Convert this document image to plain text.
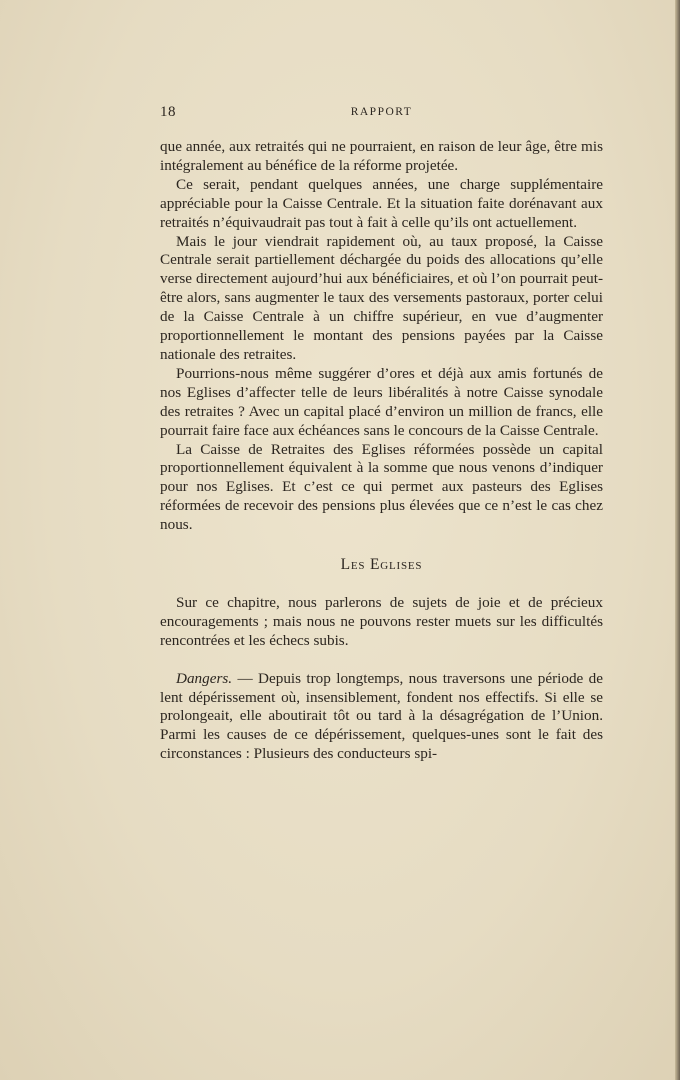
18	RAPPORT

que année, aux retraités qui ne pourraient, en raison de leur âge, être mis intégralement au bénéfice de la réforme projetée.

Ce serait, pendant quelques années, une charge supplémentaire appréciable pour la Caisse Centrale. Et la situation faite dorénavant aux retraités n’équivaudrait pas tout à fait à celle qu’ils ont actuellement.

Mais le jour viendrait rapidement où, au taux proposé, la Caisse Centrale serait partiellement déchargée du poids des allocations qu’elle verse directement aujourd’hui aux bénéficiaires, et où l’on pourrait peut-être alors, sans augmenter le taux des versements pastoraux, porter celui de la Caisse Centrale à un chiffre supérieur, en vue d’augmenter proportionnellement le montant des pensions payées par la Caisse nationale des retraites.

Pourrions-nous même suggérer d’ores et déjà aux amis fortunés de nos Eglises d’affecter telle de leurs libéralités à notre Caisse synodale des retraites ? Avec un capital placé d’environ un million de francs, elle pourrait faire face aux échéances sans le concours de la Caisse Centrale.

La Caisse de Retraites des Eglises réformées possède un capital proportionnellement équivalent à la somme que nous venons d’indiquer pour nos Eglises. Et c’est ce qui permet aux pasteurs des Eglises réformées de recevoir des pensions plus élevées que ce n’est le cas chez nous.

Les Eglises

Sur ce chapitre, nous parlerons de sujets de joie et de précieux encouragements ; mais nous ne pouvons rester muets sur les difficultés rencontrées et les échecs subis.

Dangers. — Depuis trop longtemps, nous traversons une période de lent dépérissement où, insensiblement, fondent nos effectifs. Si elle se prolongeait, elle aboutirait tôt ou tard à la désagrégation de l’Union. Parmi les causes de ce dépérissement, quelques-unes sont le fait des circonstances : Plusieurs des conducteurs spi-
